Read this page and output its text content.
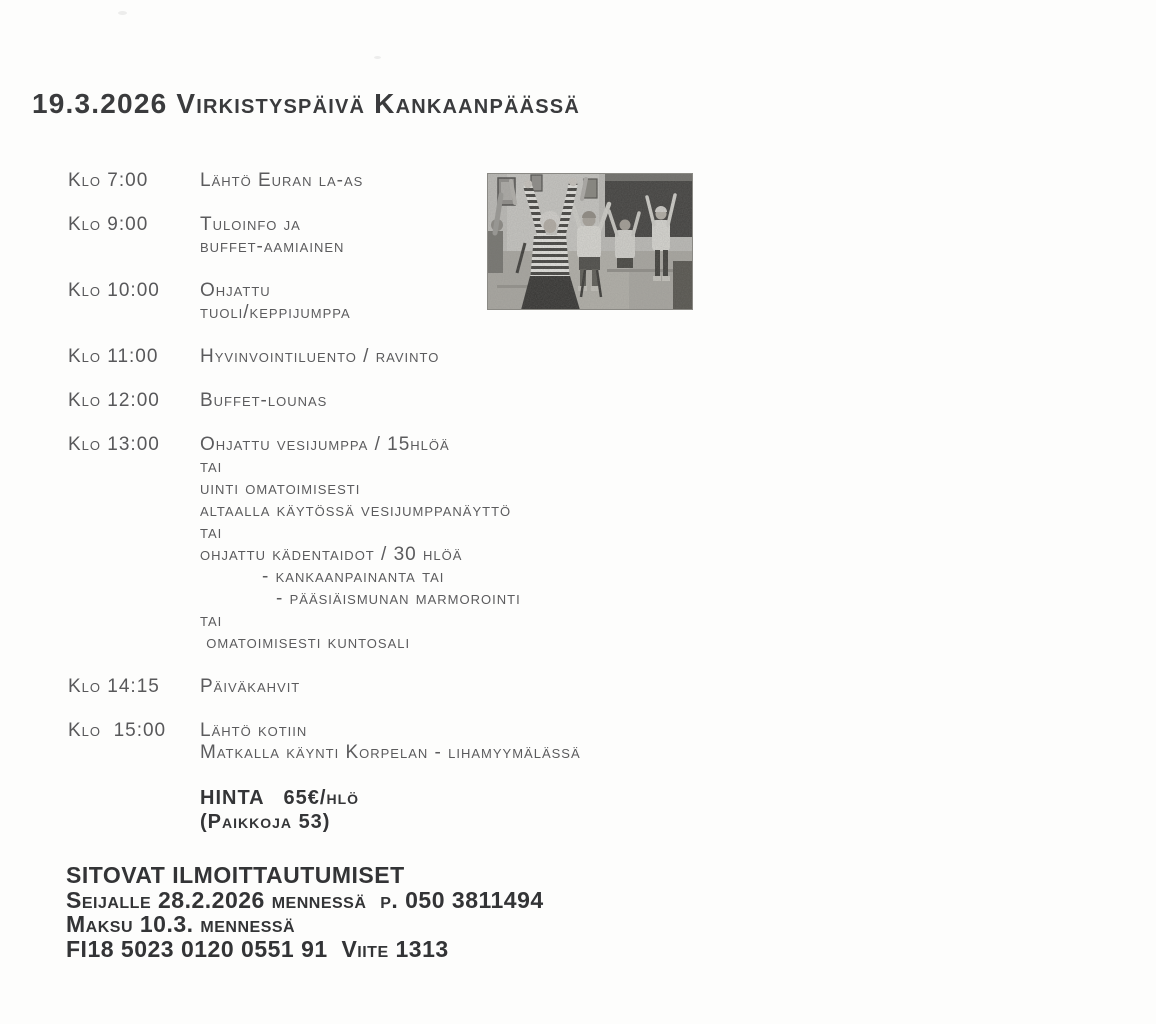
19.3.2026 Virkistyspäivä Kankaanpäässä
Klo 7:00	Lähtö Euran la-as
Klo 9:00	Tuloinfo ja
buffet-aamiainen
Klo 10:00	Ohjattu
tuoli/keppijumppa
Klo 11:00	Hyvinvointiluento / ravinto
Klo 12:00	Buffet-lounas
Klo 13:00	Ohjattu vesijumppa / 15hlöä
tai
uinti omatoimisesti
altaalla käytössä vesijumppanäyttö
tai
ohjattu kädentaidot / 30 hlöä
- kankaanpainanta tai
- pääsiäismunan marmorointi
tai
omatoimisesti kuntosali
Klo 14:15	Päiväkahvit
Klo  15:00	Lähtö kotiin
Matkalla käynti Korpelan - lihamyymälässä
HINTA   65€/hlö
(Paikkoja 53)
SITOVAT ILMOITTAUTUMISET
Seijalle 28.2.2026 mennessä  p. 050 3811494
Maksu 10.3. mennessä
FI18 5023 0120 0551 91  Viite 1313
